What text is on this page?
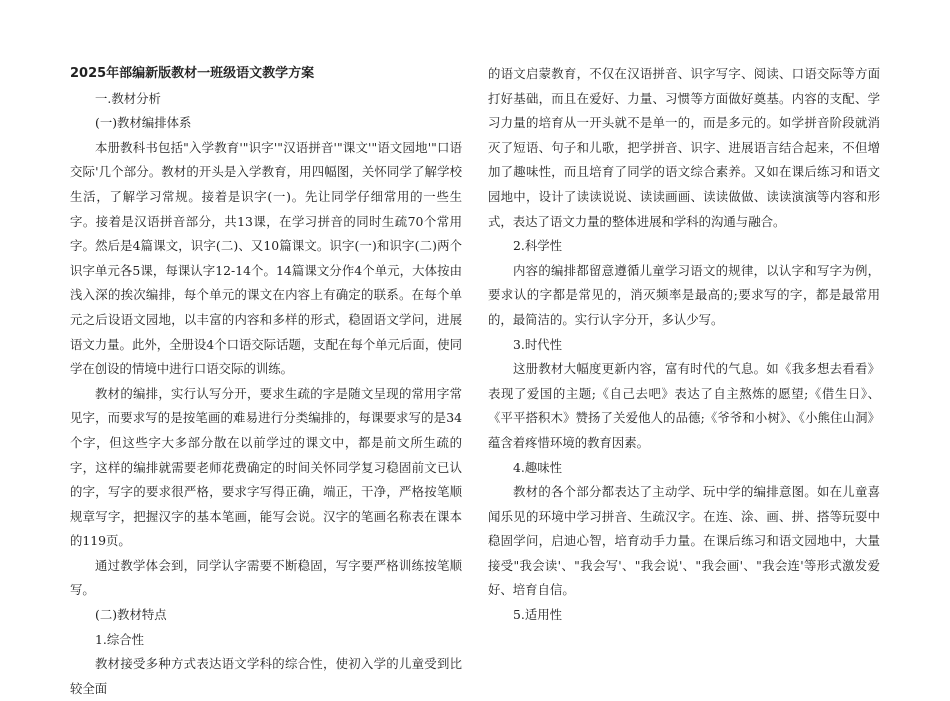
2025年部编新版教材一班级语文教学方案
一.教材分析
(一)教材编排体系

本册教科书包括"入学教育'"识字'"汉语拼音'"课文'"语文园地'"口语交际'几个部分。教材的开头是入学教育，用四幅图，关怀同学了解学校生活，了解学习常规。接着是识字(一)。先让同学仔细常用的一些生字。接着是汉语拼音部分，共13课，在学习拼音的同时生疏70个常用字。然后是4篇课文，识字(二)、又10篇课文。识字(一)和识字(二)两个识字单元各5课，每课认字12-14个。14篇课文分作4个单元，大体按由浅入深的挨次编排，每个单元的课文在内容上有确定的联系。在每个单元之后设语文园地，以丰富的内容和多样的形式，稳固语文学问，进展语文力量。此外，全册设4个口语交际话题，支配在每个单元后面，使同学在创设的情境中进行口语交际的训练。

教材的编排，实行认写分开，要求生疏的字是随文呈现的常用字常见字，而要求写的是按笔画的难易进行分类编排的，每课要求写的是34个字，但这些字大多部分散在以前学过的课文中，都是前文所生疏的字，这样的编排就需要老师花费确定的时间关怀同学复习稳固前文已认的字，写字的要求很严格，要求字写得正确，端正，干净，严格按笔顺规章写字，把握汉字的基本笔画，能写会说。汉字的笔画名称表在课本的119页。

通过教学体会到，同学认字需要不断稳固，写字要严格训练按笔顺写。

(二)教材特点
1.综合性

教材接受多种方式表达语文学科的综合性，使初入学的儿童受到比较全面

的语文启蒙教育，不仅在汉语拼音、识字写字、阅读、口语交际等方面打好基础，而且在爱好、力量、习惯等方面做好奠基。内容的支配、学习力量的培育从一开头就不是单一的，而是多元的。如学拼音阶段就消灭了短语、句子和儿歌，把学拼音、识字、进展语言结合起来，不但增加了趣味性，而且培育了同学的语文综合素养。又如在课后练习和语文园地中，设计了读读说说、读读画画、读读做做、读读演演等内容和形式，表达了语文力量的整体进展和学科的沟通与融合。

2.科学性

内容的编排都留意遵循儿童学习语文的规律，以认字和写字为例，要求认的字都是常见的，消灭频率是最高的;要求写的字，都是最常用的，最简洁的。实行认字分开，多认少写。

3.时代性

这册教材大幅度更新内容，富有时代的气息。如《我多想去看看》表现了爱国的主题;《自己去吧》表达了自主熬炼的愿望;《借生日》、《平平搭积木》赞扬了关爱他人的品德;《爷爷和小树》、《小熊住山洞》蕴含着疼惜环境的教育因素。

4.趣味性

教材的各个部分都表达了主动学、玩中学的编排意图。如在儿童喜闻乐见的环境中学习拼音、生疏汉字。在连、涂、画、拼、搭等玩耍中稳固学问，启迪心智，培育动手力量。在课后练习和语文园地中，大量接受"我会读'、"我会写'、"我会说'、"我会画'、"我会连'等形式激发爱好、培育自信。

5.适用性
